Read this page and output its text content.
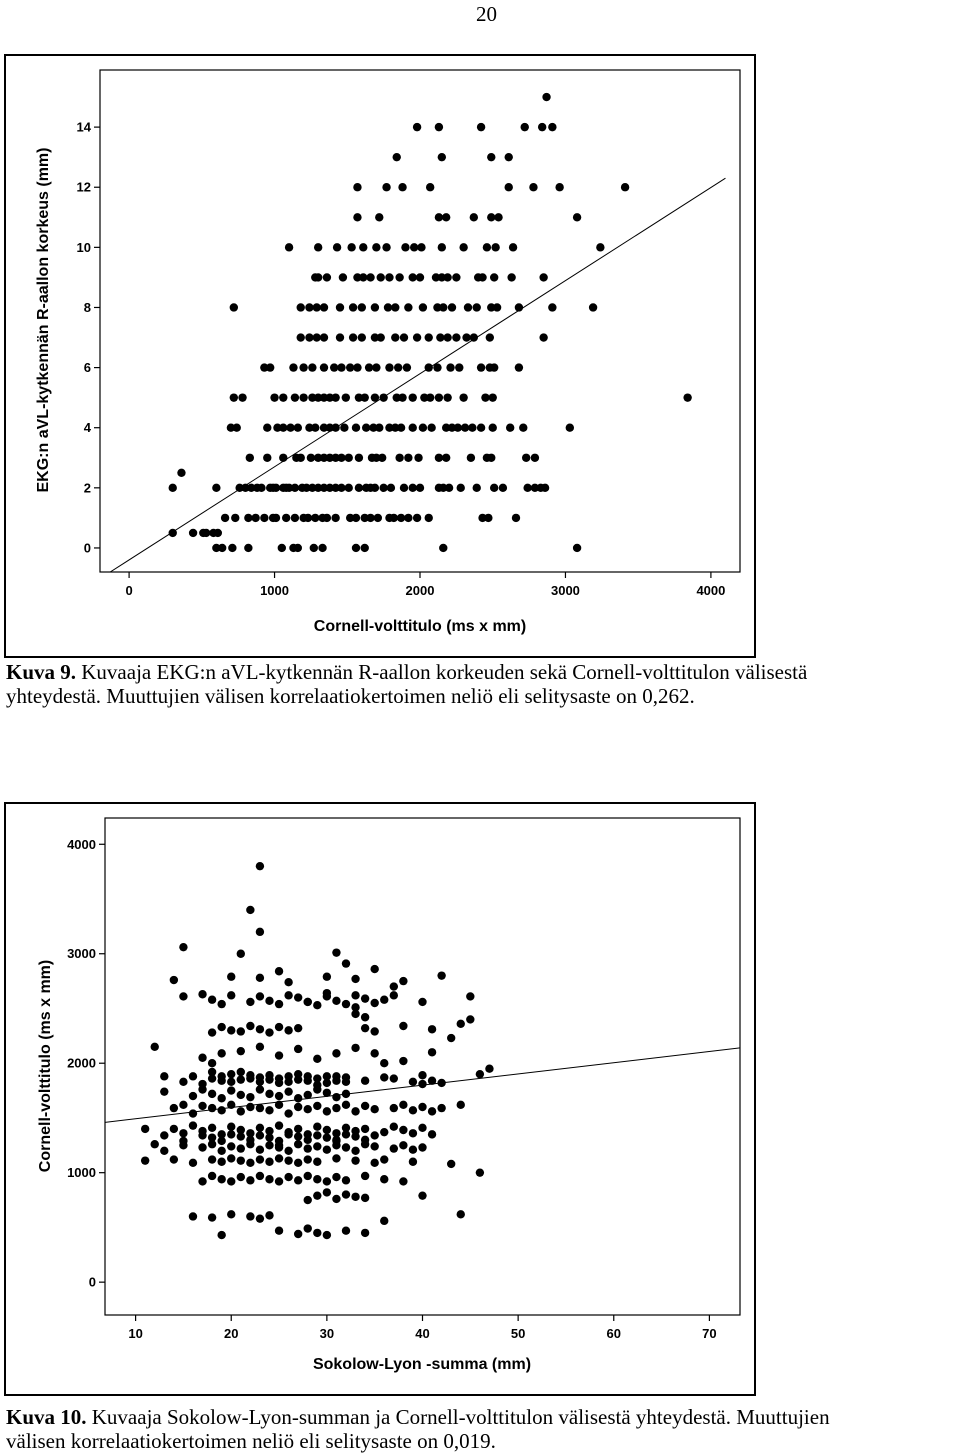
20
0	1000	2000	3000	4000
0
2
4
6
8
10
12
14
Cornell-volttitulo (ms x mm)
EKG:n aVL-kytkennän R-aallon korkeus (mm)
Kuva 9. Kuvaaja EKG:n aVL-kytkennän R-aallon korkeuden sekä Cornell-volttitulon välisestä
yhteydestä. Muuttujien välisen korrelaatiokertoimen neliö eli selitysaste on 0,262.
10	20	30	40	50	60	70
0
1000
2000
3000
4000
Sokolow-Lyon -summa (mm)
Cornell-volttitulo (ms x mm)
Kuva 10. Kuvaaja Sokolow-Lyon-summan ja Cornell-volttitulon välisestä yhteydestä. Muuttujien
välisen korrelaatiokertoimen neliö eli selitysaste on 0,019.
